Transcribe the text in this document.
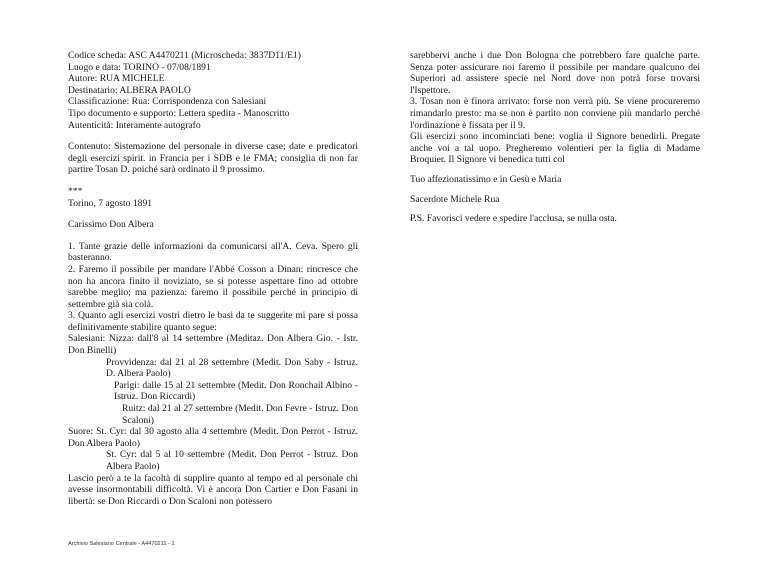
Codice scheda: ASC A4470211 (Microscheda: 3837D11/E1)

Luogo e data: TORINO - 07/08/1891

Autore: RUA MICHELE

Destinatario: ALBERA PAOLO

Classificazione: Rua: Corrispondenza con Salesiani

Tipo documento e supporto: Lettera spedita - Manoscritto

Autenticità: Interamente autografo

Contenuto: Sistemazione del personale in diverse case; date e predicatori degli esercizi spirit. in Francia per i SDB e le FMA; consiglia di non far partire Tosan D. poiché sarà ordinato il 9 prossimo.

***

Torino, 7 agosto 1891

Carissimo Don Albera

1. Tante grazie delle informazioni da comunicarsi all'A. Ceva. Spero gli basteranno.

2. Faremo il possibile per mandare l'Abbé Cosson a Dinan: rincresce che non ha ancora finito il noviziato, se si potesse aspettare fino ad ottobre sarebbe meglio; ma pazienza: faremo il possibile perché in principio di settembre già sia colà.

3. Quanto agli esercizi vostri dietro le basi da te suggerite mi pare si possa definitivamente stabilire quanto segue:

Salesiani: Nizza: dall'8 al 14 settembre (Meditaz. Don Albera Gio. - Istr. Don Binelli)

Provvidenza: dal 21 al 28 settembre (Medit. Don Saby - Istruz. D. Albera Paolo)

Parigi: dalle 15 al 21 settembre (Medit. Don Ronchail Albino - Istruz. Don Riccardi)

Ruitz: dal 21 al 27 settembre (Medit. Don Fevre - Istruz. Don Scaloni)

Suore: St. Cyr: dal 30 agosto alla 4 settembre (Medit. Don Perrot - Istruz. Don Albera Paolo)

St. Cyr: dal 5 al 10 settembre (Medit. Don Perrot - Istruz. Don Albera Paolo)

Lascio però a te la facoltà di supplire quanto al tempo ed al personale chi avesse insormontabili difficoltà. Vi è ancora Don Cartier e Don Fasani in libertà: se Don Riccardi o Don Scaloni non potessero

sarebbervi anche i due Don Bologna che potrebbero fare qualche parte. Senza poter assicurare noi faremo il possibile per mandare qualcuno dei Superiori ad assistere specie nel Nord dove non potrà forse trovarsi l'Ispettore.

3. Tosan non è finora arrivato: forse non verrà più. Se viene procureremo rimandarlo presto: ma se non è partito non conviene più mandarlo perché l'ordinazione è fissata per il 9.

Gli esercizi sono incominciati bene: voglia il Signore benedirli. Pregate anche voi a tal uopo. Pregheremo volentieri per la figlia di Madame Broquier. Il Signore vi benedica tutti col

Tuo affezionatissimo e in Gesù e Maria

Sacerdote Michele Rua

P.S. Favorisci vedere e spedire l'acclusa, se nulla osta.

Archivio Salesiano Centrale - A4470211 - 1
